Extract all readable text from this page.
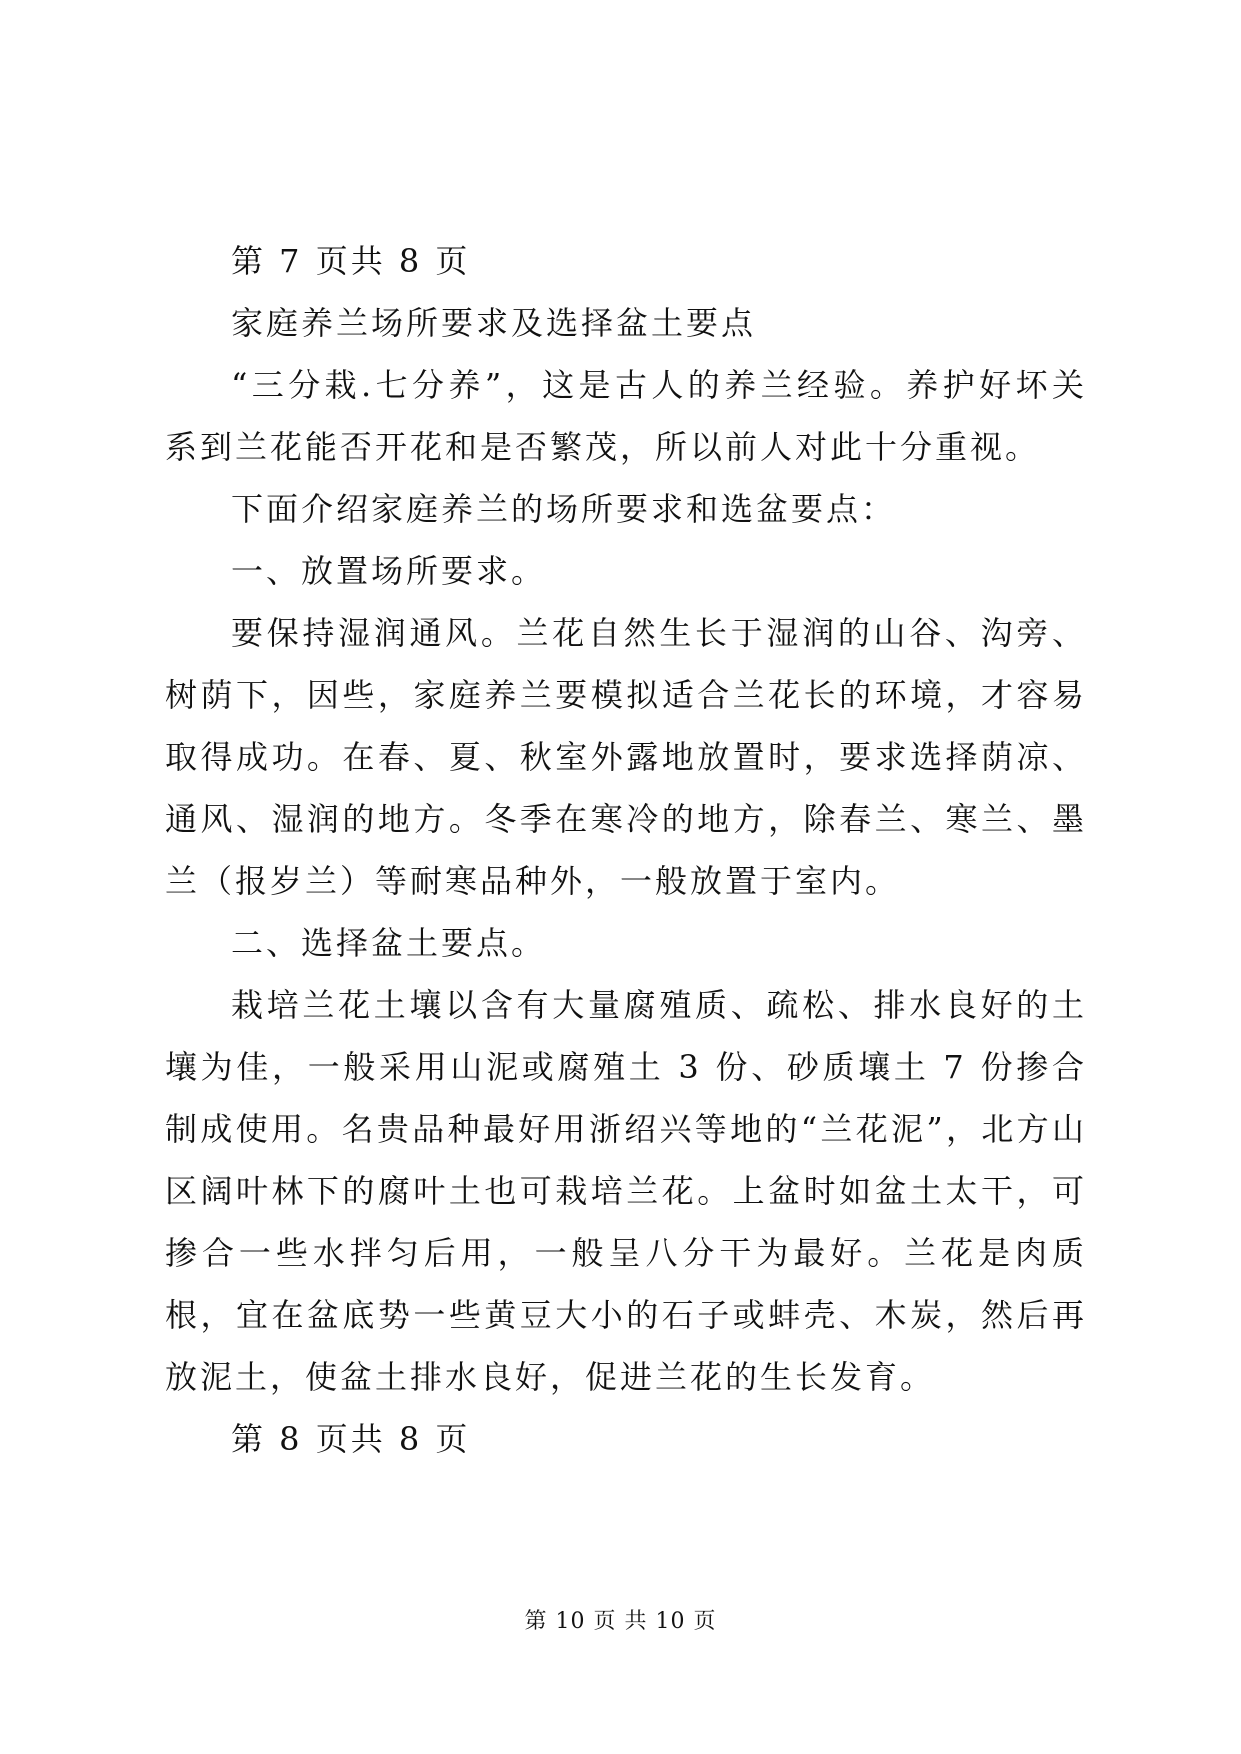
第 7 页共 8 页

家庭养兰场所要求及选择盆土要点

“三分栽.七分养”，这是古人的养兰经验。养护好坏关系到兰花能否开花和是否繁茂，所以前人对此十分重视。

下面介绍家庭养兰的场所要求和选盆要点：

一、放置场所要求。

要保持湿润通风。兰花自然生长于湿润的山谷、沟旁、树荫下，因些，家庭养兰要模拟适合兰花长的环境，才容易取得成功。在春、夏、秋室外露地放置时，要求选择荫凉、通风、湿润的地方。冬季在寒冷的地方，除春兰、寒兰、墨兰（报岁兰）等耐寒品种外，一般放置于室内。

二、选择盆土要点。

栽培兰花土壤以含有大量腐殖质、疏松、排水良好的土壤为佳，一般采用山泥或腐殖土 3 份、砂质壤土 7 份掺合制成使用。名贵品种最好用浙绍兴等地的“兰花泥”，北方山区阔叶林下的腐叶土也可栽培兰花。上盆时如盆土太干，可掺合一些水拌匀后用，一般呈八分干为最好。兰花是肉质根，宜在盆底势一些黄豆大小的石子或蚌壳、木炭，然后再放泥土，使盆土排水良好，促进兰花的生长发育。

第 8 页共 8 页

第 10 页 共 10 页
